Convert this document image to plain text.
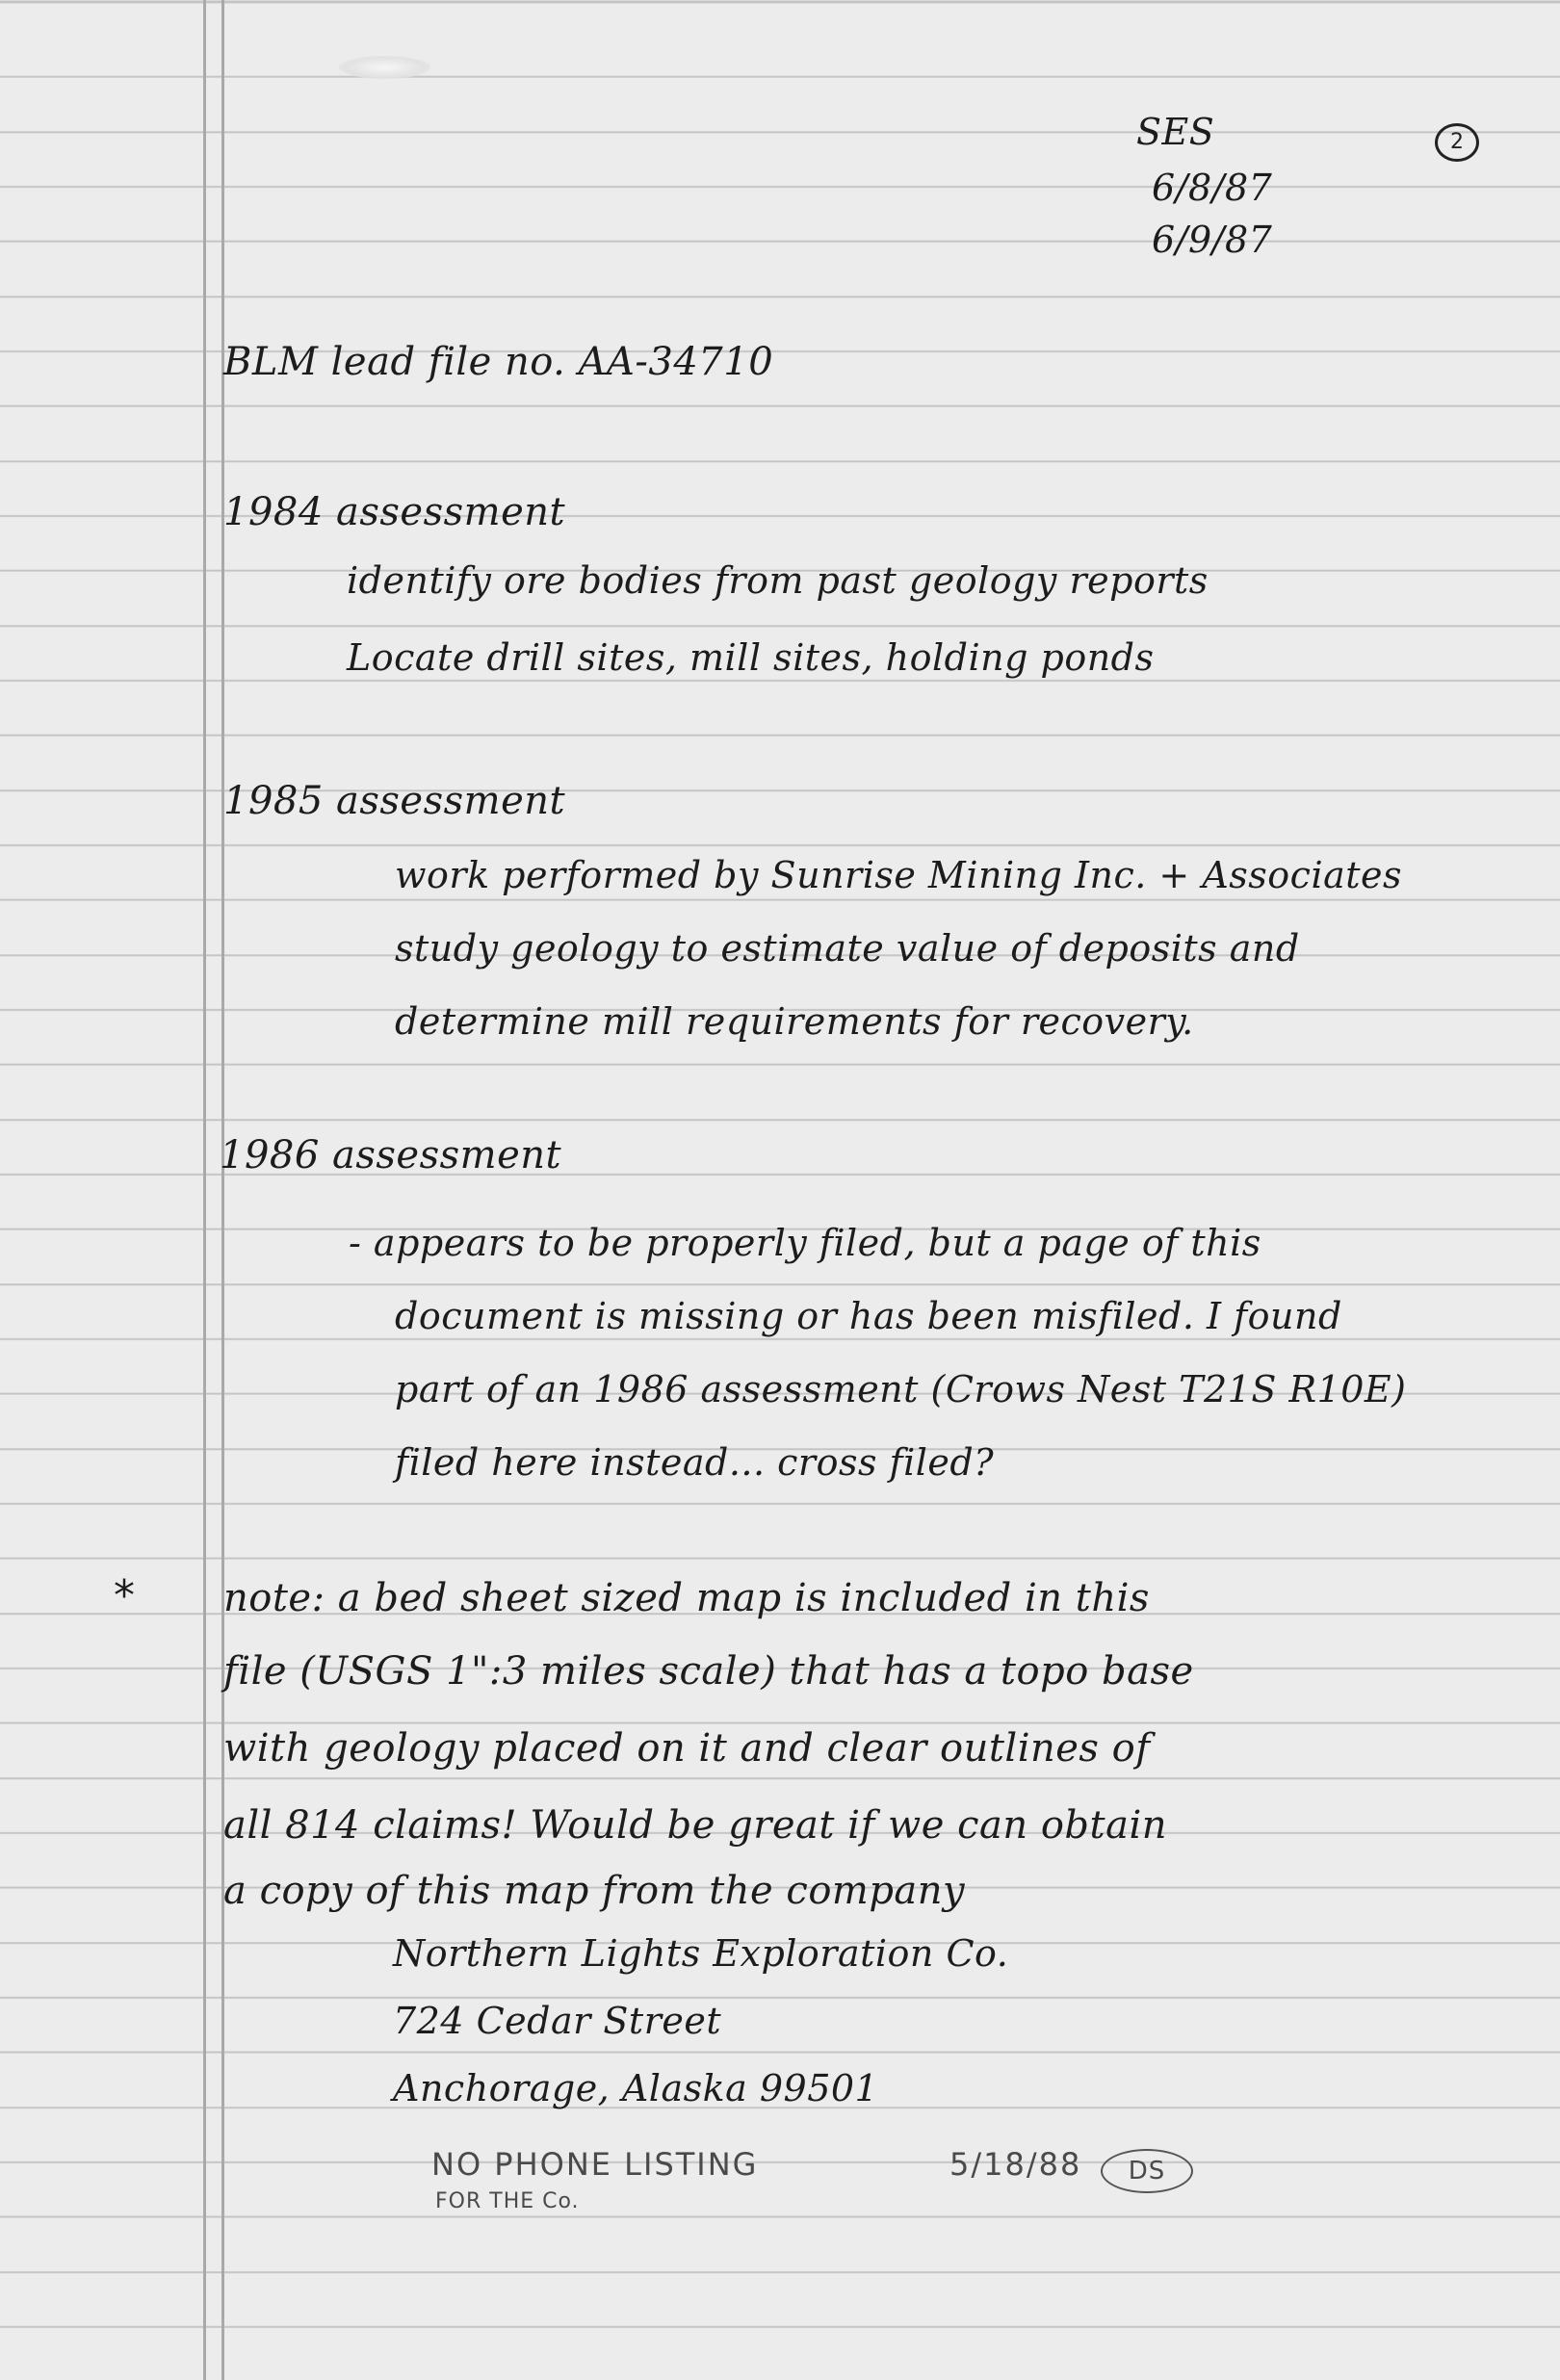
SES
6/8/87
6/9/87
2
BLM lead file no. AA-34710
1984 assessment
identify ore bodies from past geology reports
Locate drill sites, mill sites, holding ponds
1985 assessment
work performed by Sunrise Mining Inc. + Associates
study geology to estimate value of deposits and
determine mill requirements for recovery.
1986 assessment
- appears to be properly filed, but a page of this
document is missing or has been misfiled. I found
part of an 1986 assessment (Crows Nest T21S R10E)
filed here instead... cross filed?
* note: a bed sheet sized map is included in this
file (USGS 1":3 miles scale) that has a topo base
with geology placed on it and clear outlines of
all 814 claims! Would be great if we can obtain
a copy of this map from the company
Northern Lights Exploration Co.
724 Cedar Street
Anchorage, Alaska 99501
NO PHONE LISTING	5/18/88	DS
FOR THE Co.
